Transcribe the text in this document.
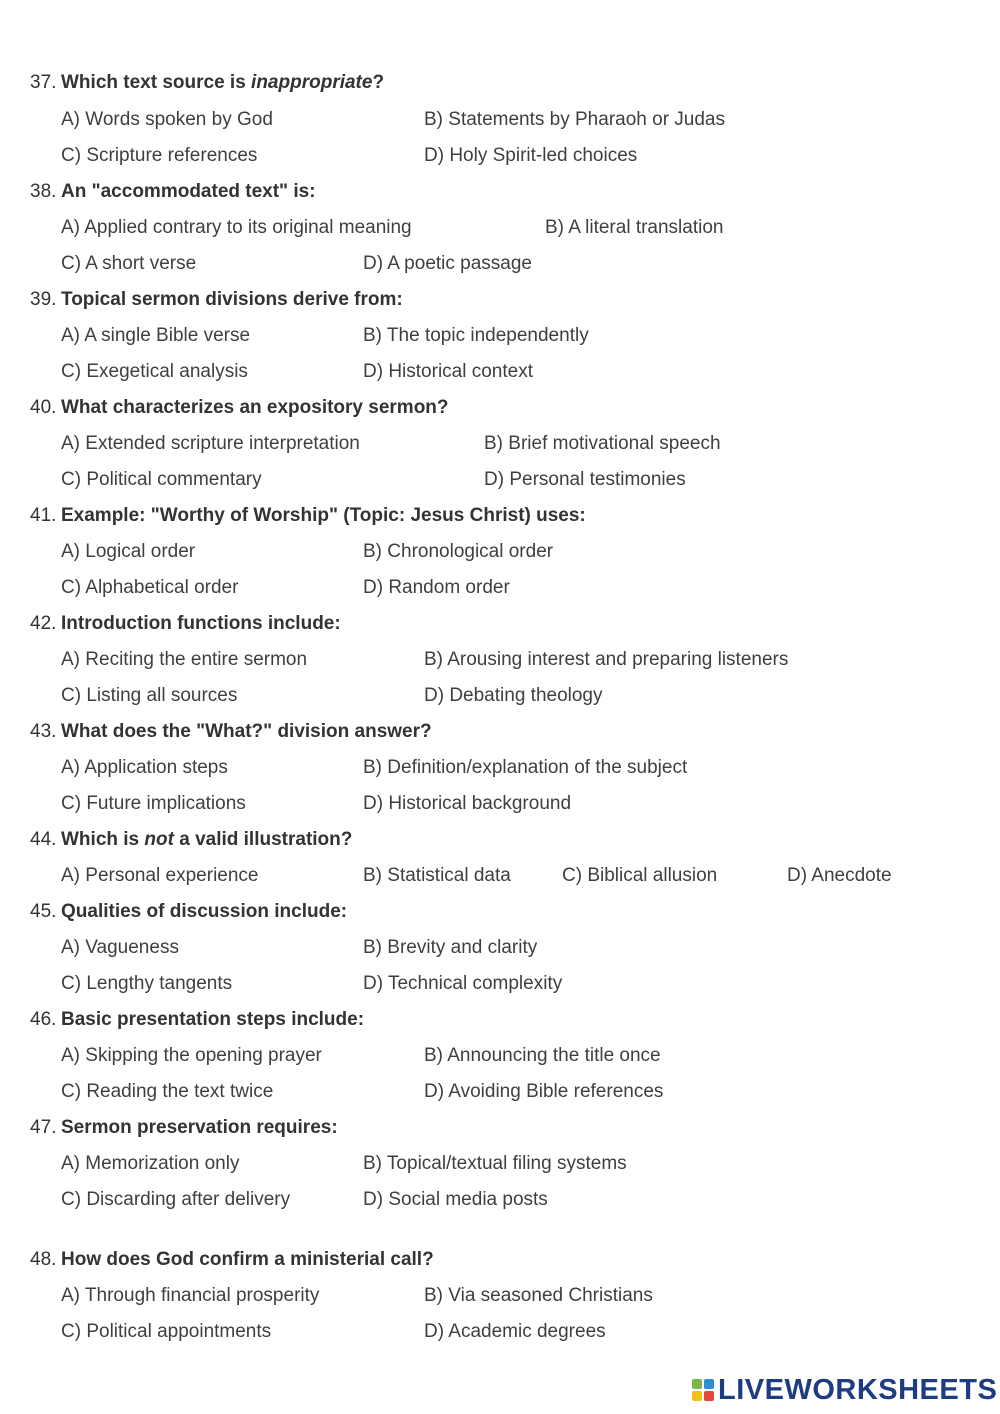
37. Which text source is inappropriate?
A) Words spoken by God	B) Statements by Pharaoh or Judas
C) Scripture references	D) Holy Spirit-led choices
38. An "accommodated text" is:
A) Applied contrary to its original meaning	B) A literal translation
C) A short verse	D) A poetic passage
39. Topical sermon divisions derive from:
A) A single Bible verse	B) The topic independently
C) Exegetical analysis	D) Historical context
40. What characterizes an expository sermon?
A) Extended scripture interpretation	B) Brief motivational speech
C) Political commentary	D) Personal testimonies
41. Example: "Worthy of Worship" (Topic: Jesus Christ) uses:
A) Logical order	B) Chronological order
C) Alphabetical order	D) Random order
42. Introduction functions include:
A) Reciting the entire sermon	B) Arousing interest and preparing listeners
C) Listing all sources	D) Debating theology
43. What does the "What?" division answer?
A) Application steps	B) Definition/explanation of the subject
C) Future implications	D) Historical background
44. Which is not a valid illustration?
A) Personal experience	B) Statistical data	C) Biblical allusion	D) Anecdote
45. Qualities of discussion include:
A) Vagueness	B) Brevity and clarity
C) Lengthy tangents	D) Technical complexity
46. Basic presentation steps include:
A) Skipping the opening prayer	B) Announcing the title once
C) Reading the text twice	D) Avoiding Bible references
47. Sermon preservation requires:
A) Memorization only	B) Topical/textual filing systems
C) Discarding after delivery	D) Social media posts
48. How does God confirm a ministerial call?
A) Through financial prosperity	B) Via seasoned Christians
C) Political appointments	D) Academic degrees
LIVEWORKSHEETS
